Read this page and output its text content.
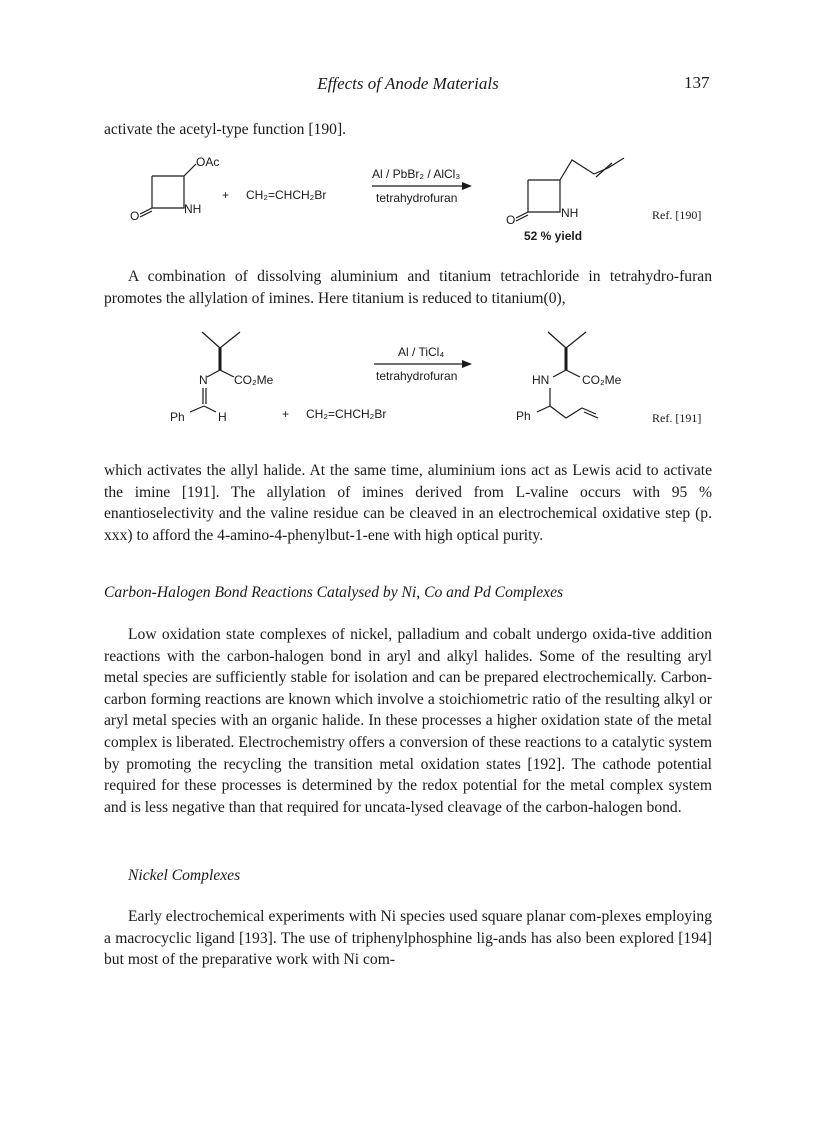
Effects of Anode Materials	137

activate the acetyl-type function [190].

OAc
NH
O
+ CH₂=CHCH₂Br
Al / PbBr₂ / AlCl₃
tetrahydrofuran
NH
O
52 % yield
Ref. [190]

A combination of dissolving aluminium and titanium tetrachloride in tetrahydro-furan promotes the allylation of imines. Here titanium is reduced to titanium(0),

N CO₂Me
Ph	H	+ CH₂=CHCH₂Br
Al / TiCl₄
tetrahydrofuran	HN	CO₂Me
Ph	Ref. [191]

which activates the allyl halide. At the same time, aluminium ions act as Lewis acid to activate the imine [191]. The allylation of imines derived from L-valine occurs with 95 % enantioselectivity and the valine residue can be cleaved in an electrochemical oxidative step (p. xxx) to afford the 4-amino-4-phenylbut-1-ene with high optical purity.

Carbon-Halogen Bond Reactions Catalysed by Ni, Co and Pd Complexes

Low oxidation state complexes of nickel, palladium and cobalt undergo oxida-tive addition reactions with the carbon-halogen bond in aryl and alkyl halides. Some of the resulting aryl metal species are sufficiently stable for isolation and can be prepared electrochemically. Carbon-carbon forming reactions are known which involve a stoichiometric ratio of the resulting alkyl or aryl metal species with an organic halide. In these processes a higher oxidation state of the metal complex is liberated. Electrochemistry offers a conversion of these reactions to a catalytic system by promoting the recycling the transition metal oxidation states [192]. The cathode potential required for these processes is determined by the redox potential for the metal complex system and is less negative than that required for uncata-lysed cleavage of the carbon-halogen bond.

Nickel Complexes

Early electrochemical experiments with Ni species used square planar com-plexes employing a macrocyclic ligand [193]. The use of triphenylphosphine lig-ands has also been explored [194] but most of the preparative work with Ni com-
